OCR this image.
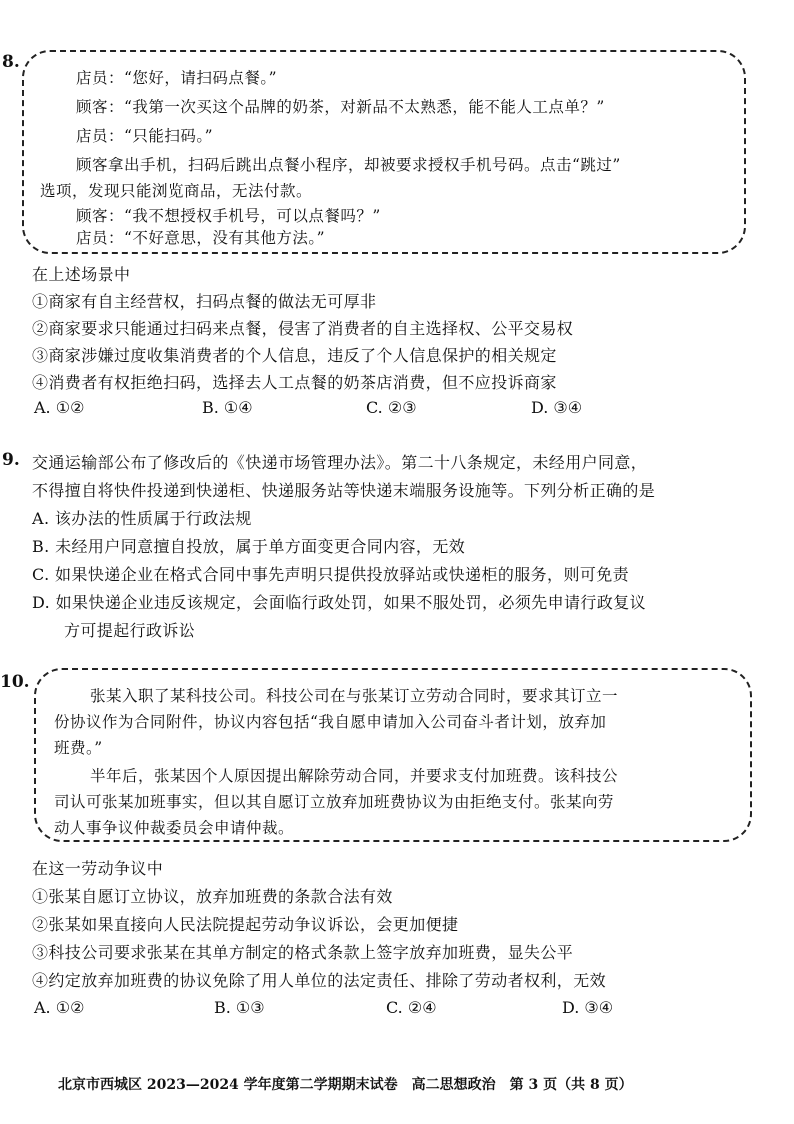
8.
店员：“您好，请扫码点餐。”
顾客：“我第一次买这个品牌的奶茶，对新品不太熟悉，能不能人工点单？”
店员：“只能扫码。”
顾客拿出手机，扫码后跳出点餐小程序，却被要求授权手机号码。点击“跳过”
选项，发现只能浏览商品，无法付款。
顾客：“我不想授权手机号，可以点餐吗？”
店员：“不好意思，没有其他方法。”
在上述场景中
①商家有自主经营权，扫码点餐的做法无可厚非
②商家要求只能通过扫码来点餐，侵害了消费者的自主选择权、公平交易权
③商家涉嫌过度收集消费者的个人信息，违反了个人信息保护的相关规定
④消费者有权拒绝扫码，选择去人工点餐的奶茶店消费，但不应投诉商家
A. ①②	B. ①④	C. ②③	D. ③④
9. 交通运输部公布了修改后的《快递市场管理办法》。第二十八条规定，未经用户同意，
不得擅自将快件投递到快递柜、快递服务站等快递末端服务设施等。下列分析正确的是
A. 该办法的性质属于行政法规
B. 未经用户同意擅自投放，属于单方面变更合同内容，无效
C. 如果快递企业在格式合同中事先声明只提供投放驿站或快递柜的服务，则可免责
D. 如果快递企业违反该规定，会面临行政处罚，如果不服处罚，必须先申请行政复议
方可提起行政诉讼
10.
张某入职了某科技公司。科技公司在与张某订立劳动合同时，要求其订立一
份协议作为合同附件，协议内容包括“我自愿申请加入公司奋斗者计划，放弃加
班费。”
半年后，张某因个人原因提出解除劳动合同，并要求支付加班费。该科技公
司认可张某加班事实，但以其自愿订立放弃加班费协议为由拒绝支付。张某向劳
动人事争议仲裁委员会申请仲裁。
在这一劳动争议中
①张某自愿订立协议，放弃加班费的条款合法有效
②张某如果直接向人民法院提起劳动争议诉讼，会更加便捷
③科技公司要求张某在其单方制定的格式条款上签字放弃加班费，显失公平
④约定放弃加班费的协议免除了用人单位的法定责任、排除了劳动者权利，无效
A. ①②	B. ①③	C. ②④	D. ③④
北京市西城区 2023—2024 学年度第二学期期末试卷　高二思想政治　第 3 页（共 8 页）
